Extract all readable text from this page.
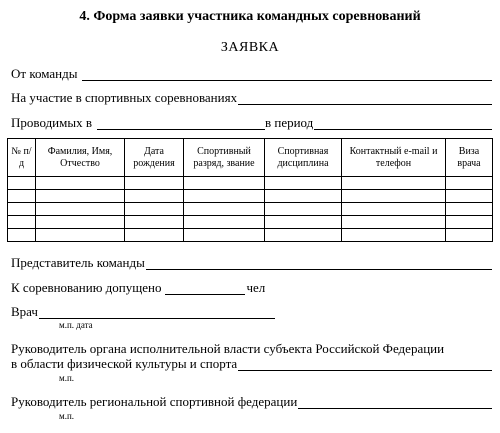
4. Форма заявки участника командных соревнований
ЗАЯВКА
От команды
На участие в спортивных соревнованиях
Проводимых в	в период
№ п/д	Фамилия, Имя, Отчество	Дата рождения	Спортивный разряд, звание	Спортивная дисциплина	Контактный e-mail и телефон	Виза врача

Представитель команды
К соревнованию допущено	чел
Врач
м.п. дата
Руководитель органа исполнительной власти субъекта Российской Федерации
в области физической культуры и спорта
м.п.
Руководитель региональной спортивной федерации
м.п.
